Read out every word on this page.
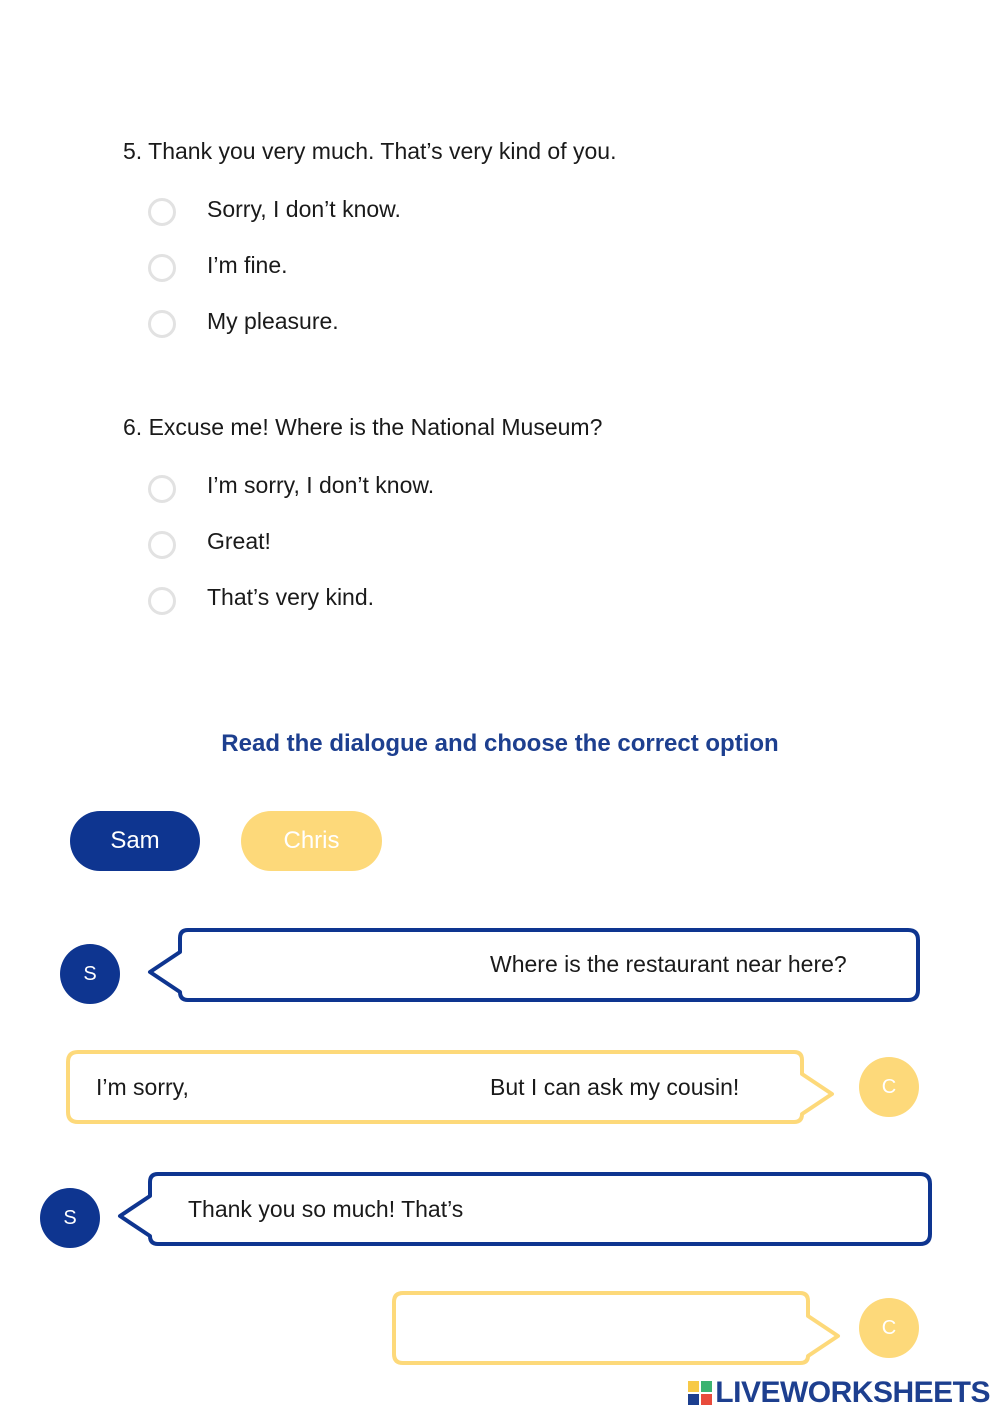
5. Thank you very much. That’s very kind of you.
Sorry, I don’t know.
I’m fine.
My pleasure.
6. Excuse me! Where is the National Museum?
I’m sorry, I don’t know.
Great!
That’s very kind.
Read the dialogue and choose the correct option
Sam	Chris
Where is the restaurant near here?
I’m sorry,	But I can ask my cousin!
Thank you so much! That’s
S
C
S
C
LIVEWORKSHEETS
